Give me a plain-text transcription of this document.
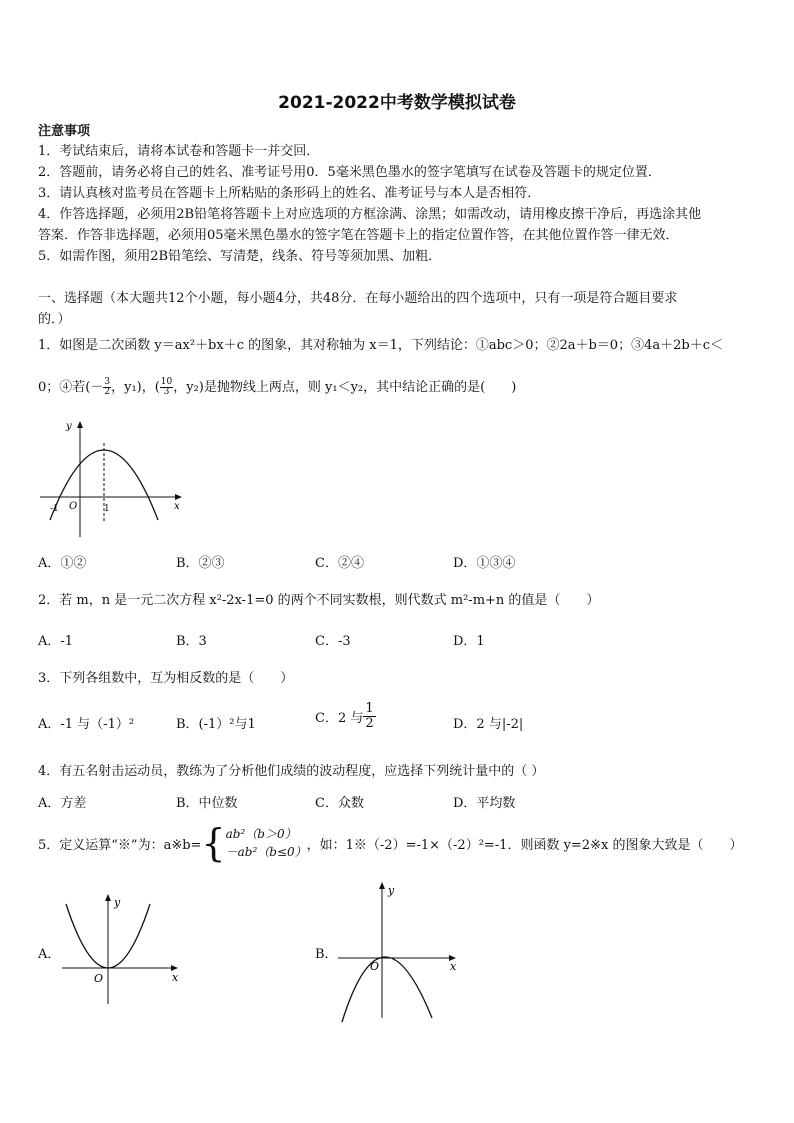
2021-2022中考数学模拟试卷
注意事项
1．考试结束后，请将本试卷和答题卡一并交回．
2．答题前，请务必将自己的姓名、准考证号用0．5毫米黑色墨水的签字笔填写在试卷及答题卡的规定位置．
3．请认真核对监考员在答题卡上所粘贴的条形码上的姓名、准考证号与本人是否相符．
4．作答选择题，必须用2B铅笔将答题卡上对应选项的方框涂满、涂黑；如需改动，请用橡皮擦干净后，再选涂其他
答案．作答非选择题，必须用05毫米黑色墨水的签字笔在答题卡上的指定位置作答，在其他位置作答一律无效．
5．如需作图，须用2B铅笔绘、写清楚，线条、符号等须加黑、加粗．
一、选择题（本大题共12个小题，每小题4分，共48分．在每小题给出的四个选项中，只有一项是符合题目要求
的．）
1．如图是二次函数 y＝ax²＋bx＋c 的图象，其对称轴为 x＝1，下列结论：①abc＞0；②2a＋b＝0；③4a＋2b＋c＜
0；④若(－ $\frac{3}{2}$ ，y₁)，( $\frac{10}{3}$ ，y₂)是抛物线上两点，则 y₁＜y₂，其中结论正确的是(　　)
y
x
O
-1	1
A．①②	B．②③	C．②④	D．①③④
2．若 m，n 是一元二次方程 x²-2x-1=0 的两个不同实数根，则代数式 m²-m+n 的值是（　　）
A．-1	B．3	C．-3	D．1
3．下列各组数中，互为相反数的是（　　）
A．-1 与（-1）²	B．(-1）²与1	C．2 与 $\frac{1}{2}$	D．2 与|-2|
4．有五名射击运动员，教练为了分析他们成绩的波动程度，应选择下列统计量中的（ ）
A．方差	B．中位数	C．众数	D．平均数
5．定义运算“※”为：a※b= { ab²（b＞0）
－ab²（b≤0） ，如：1※（-2）=-1×（-2）²=-1．则函数 y=2※x 的图象大致是（　　）
A．
y
x
O
B．
y
x
O
